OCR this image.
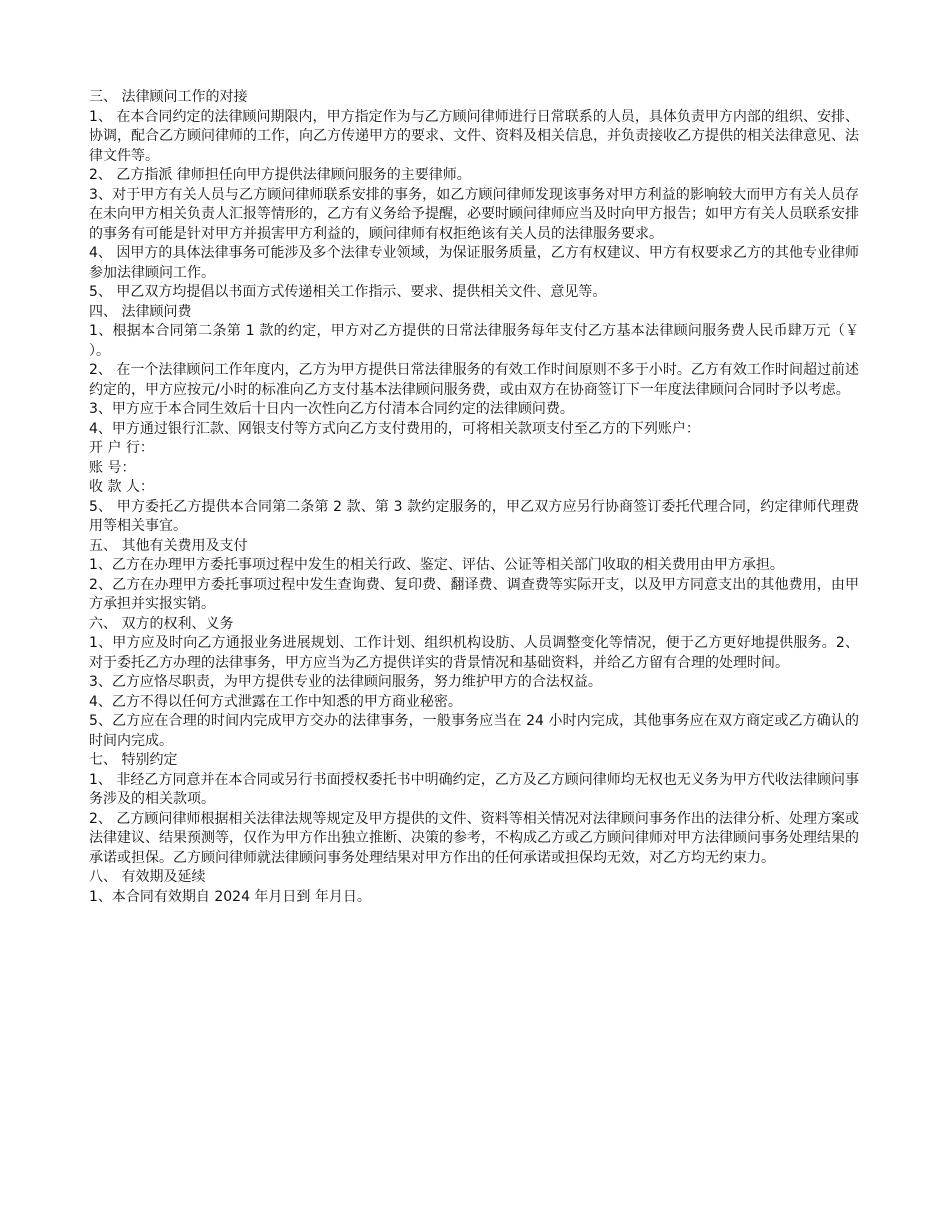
三、 法律顾问工作的对接

1、 在本合同约定的法律顾问期限内，甲方指定作为与乙方顾问律师进行日常联系的人员，具体负责甲方内部的组织、安排、协调，配合乙方顾问律师的工作，向乙方传递甲方的要求、文件、资料及相关信息，并负责接收乙方提供的相关法律意见、法律文件等。

2、 乙方指派 律师担任向甲方提供法律顾问服务的主要律师。

3、对于甲方有关人员与乙方顾问律师联系安排的事务，如乙方顾问律师发现该事务对甲方利益的影响较大而甲方有关人员存在未向甲方相关负责人汇报等情形的，乙方有义务给予提醒，必要时顾问律师应当及时向甲方报告；如甲方有关人员联系安排的事务有可能是针对甲方并损害甲方利益的，顾问律师有权拒绝该有关人员的法律服务要求。

4、 因甲方的具体法律事务可能涉及多个法律专业领域，为保证服务质量，乙方有权建议、甲方有权要求乙方的其他专业律师参加法律顾问工作。

5、 甲乙双方均提倡以书面方式传递相关工作指示、要求、提供相关文件、意见等。

四、 法律顾问费

1、根据本合同第二条第 1 款的约定，甲方对乙方提供的日常法律服务每年支付乙方基本法律顾问服务费人民币肆万元（￥ ）。

2、 在一个法律顾问工作年度内，乙方为甲方提供日常法律服务的有效工作时间原则不多于小时。乙方有效工作时间超过前述约定的，甲方应按元/小时的标准向乙方支付基本法律顾问服务费，或由双方在协商签订下一年度法律顾问合同时予以考虑。

3、甲方应于本合同生效后十日内一次性向乙方付清本合同约定的法律顾问费。

4、甲方通过银行汇款、网银支付等方式向乙方支付费用的，可将相关款项支付至乙方的下列账户：

开 户 行：

账 号：

收 款 人：

5、 甲方委托乙方提供本合同第二条第 2 款、第 3 款约定服务的，甲乙双方应另行协商签订委托代理合同，约定律师代理费用等相关事宜。

五、 其他有关费用及支付

1、乙方在办理甲方委托事项过程中发生的相关行政、鉴定、评估、公证等相关部门收取的相关费用由甲方承担。

2、乙方在办理甲方委托事项过程中发生查询费、复印费、翻译费、调查费等实际开支，以及甲方同意支出的其他费用，由甲方承担并实报实销。

六、 双方的权利、义务

1、甲方应及时向乙方通报业务进展规划、工作计划、组织机构设肪、人员调整变化等情况，便于乙方更好地提供服务。2、对于委托乙方办理的法律事务，甲方应当为乙方提供详实的背景情况和基础资料，并给乙方留有合理的处理时间。

3、乙方应恪尽职责，为甲方提供专业的法律顾问服务，努力维护甲方的合法权益。

4、乙方不得以任何方式泄露在工作中知悉的甲方商业秘密。

5、乙方应在合理的时间内完成甲方交办的法律事务，一般事务应当在 24 小时内完成，其他事务应在双方商定或乙方确认的时间内完成。

七、 特别约定

1、 非经乙方同意并在本合同或另行书面授权委托书中明确约定，乙方及乙方顾问律师均无权也无义务为甲方代收法律顾问事务涉及的相关款项。

2、 乙方顾问律师根据相关法律法规等规定及甲方提供的文件、资料等相关情况对法律顾问事务作出的法律分析、处理方案或法律建议、结果预测等，仅作为甲方作出独立推断、决策的参考，不构成乙方或乙方顾问律师对甲方法律顾问事务处理结果的承诺或担保。乙方顾问律师就法律顾问事务处理结果对甲方作出的任何承诺或担保均无效，对乙方均无约束力。

八、 有效期及延续

1、本合同有效期自 2024 年月日到 年月日。
